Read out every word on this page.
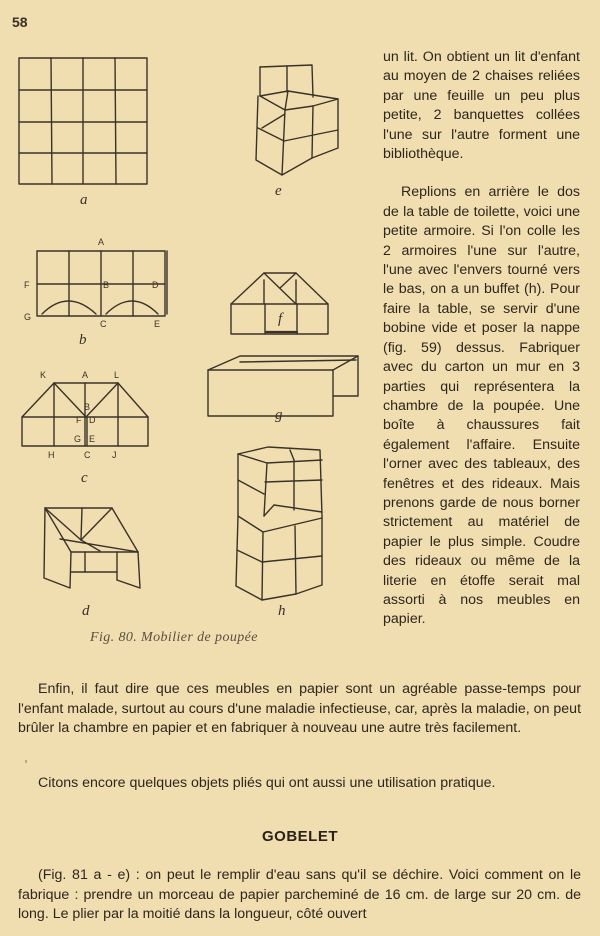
58
A
B	D
F
G
C	E
K	A	L
B
F D
G E
H	C J
a
b
c
d
e
f
g
h
Fig. 80. Mobilier de poupée

un lit. On obtient un lit d'enfant au moyen de 2 chaises reliées par une feuille un peu plus petite, 2 banquettes collées l'une sur l'autre forment une bibliothèque.

Replions en arrière le dos de la table de toilette, voici une petite armoire. Si l'on colle les 2 armoires l'une sur l'autre, l'une avec l'envers tourné vers le bas, on a un buffet (h). Pour faire la table, se servir d'une bobine vide et poser la nappe (fig. 59) dessus. Fabriquer avec du carton un mur en 3 parties qui représentera la chambre de la poupée. Une boîte à chaussures fait également l'affaire. Ensuite l'orner avec des tableaux, des fenêtres et des rideaux. Mais prenons garde de nous borner strictement au matériel de papier le plus simple. Coudre des rideaux ou même de la literie en étoffe serait mal assorti à nos meubles en papier.

Enfin, il faut dire que ces meubles en papier sont un agréable passe-temps pour l'enfant malade, surtout au cours d'une maladie infectieuse, car, après la maladie, on peut brûler la chambre en papier et en fabriquer à nouveau une autre très facilement.

Citons encore quelques objets pliés qui ont aussi une utilisation pratique.

GOBELET

(Fig. 81 a - e) : on peut le remplir d'eau sans qu'il se déchire. Voici comment on le fabrique : prendre un morceau de papier parcheminé de 16 cm. de large sur 20 cm. de long. Le plier par la moitié dans la longueur, côté ouvert
